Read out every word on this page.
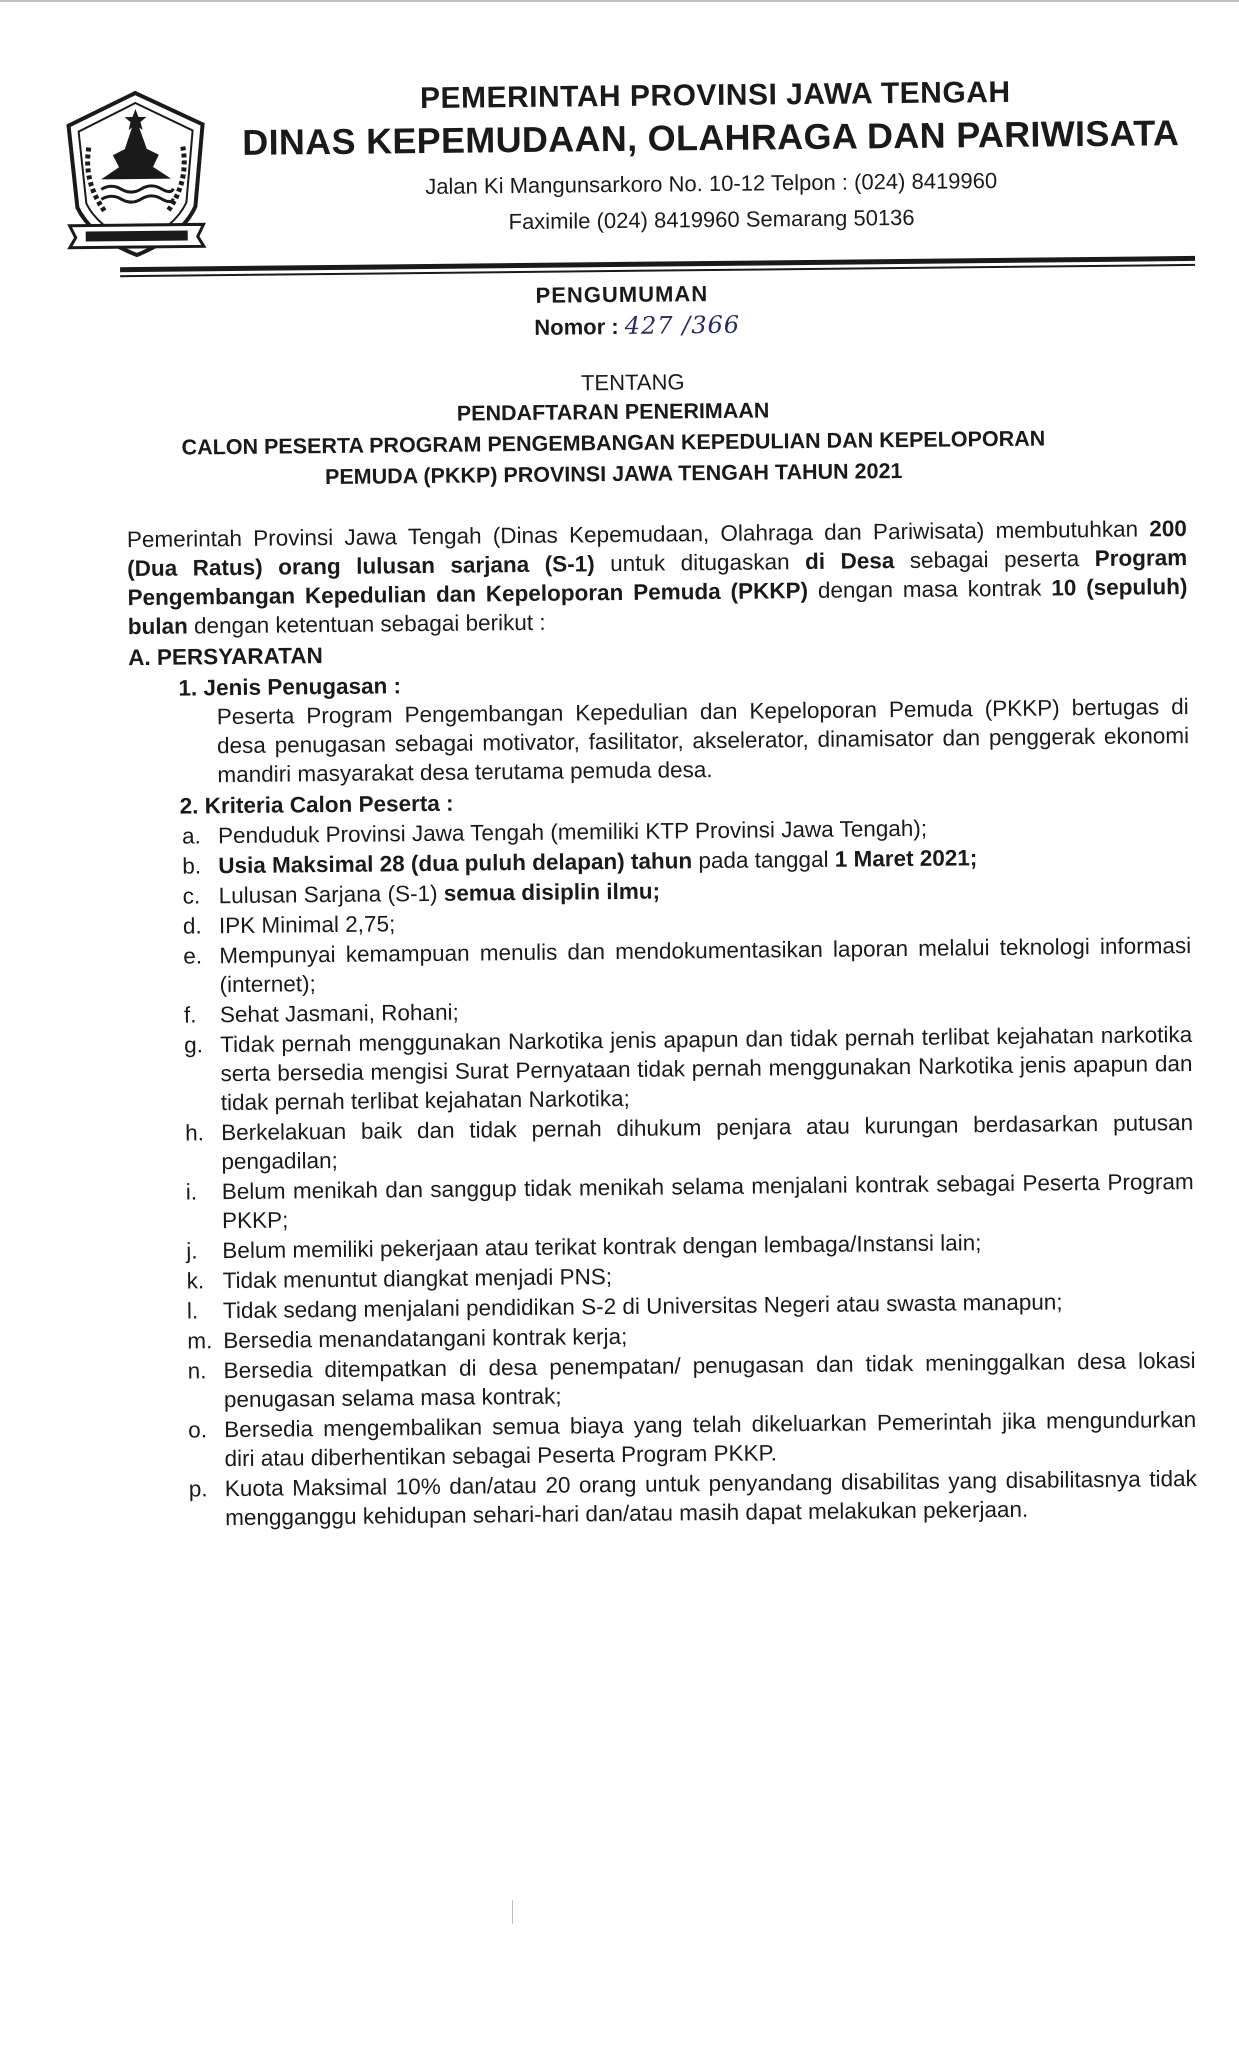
PEMERINTAH PROVINSI JAWA TENGAH
DINAS KEPEMUDAAN, OLAHRAGA DAN PARIWISATA
Jalan Ki Mangunsarkoro No. 10-12 Telpon : (024) 8419960
Faximile (024) 8419960 Semarang 50136
PENGUMUMAN
Nomor : 427 /366
TENTANG
PENDAFTARAN PENERIMAAN
CALON PESERTA PROGRAM PENGEMBANGAN KEPEDULIAN DAN KEPELOPORAN
PEMUDA (PKKP) PROVINSI JAWA TENGAH TAHUN 2021

Pemerintah Provinsi Jawa Tengah (Dinas Kepemudaan, Olahraga dan Pariwisata) membutuhkan 200 (Dua Ratus) orang lulusan sarjana (S-1) untuk ditugaskan di Desa sebagai peserta Program Pengembangan Kepedulian dan Kepeloporan Pemuda (PKKP) dengan masa kontrak 10 (sepuluh) bulan dengan ketentuan sebagai berikut :

A. PERSYARATAN
1. Jenis Penugasan :
Peserta Program Pengembangan Kepedulian dan Kepeloporan Pemuda (PKKP) bertugas di desa penugasan sebagai motivator, fasilitator, akselerator, dinamisator dan penggerak ekonomi mandiri masyarakat desa terutama pemuda desa.
2. Kriteria Calon Peserta :
a. Penduduk Provinsi Jawa Tengah (memiliki KTP Provinsi Jawa Tengah);
b. Usia Maksimal 28 (dua puluh delapan) tahun pada tanggal 1 Maret 2021;
c. Lulusan Sarjana (S-1) semua disiplin ilmu;
d. IPK Minimal 2,75;
e. Mempunyai kemampuan menulis dan mendokumentasikan laporan melalui teknologi informasi (internet);
f.	Sehat Jasmani, Rohani;
g. Tidak pernah menggunakan Narkotika jenis apapun dan tidak pernah terlibat kejahatan narkotika serta bersedia mengisi Surat Pernyataan tidak pernah menggunakan Narkotika jenis apapun dan tidak pernah terlibat kejahatan Narkotika;
h. Berkelakuan baik dan tidak pernah dihukum penjara atau kurungan berdasarkan putusan pengadilan;
i.	Belum menikah dan sanggup tidak menikah selama menjalani kontrak sebagai Peserta Program PKKP;
j.	Belum memiliki pekerjaan atau terikat kontrak dengan lembaga/Instansi lain;
k. Tidak menuntut diangkat menjadi PNS;
l.	Tidak sedang menjalani pendidikan S-2 di Universitas Negeri atau swasta manapun;
m. Bersedia menandatangani kontrak kerja;
n. Bersedia ditempatkan di desa penempatan/ penugasan dan tidak meninggalkan desa lokasi penugasan selama masa kontrak;
o. Bersedia mengembalikan semua biaya yang telah dikeluarkan Pemerintah jika mengundurkan diri atau diberhentikan sebagai Peserta Program PKKP.
p. Kuota Maksimal 10% dan/atau 20 orang untuk penyandang disabilitas yang disabilitasnya tidak mengganggu kehidupan sehari-hari dan/atau masih dapat melakukan pekerjaan.
